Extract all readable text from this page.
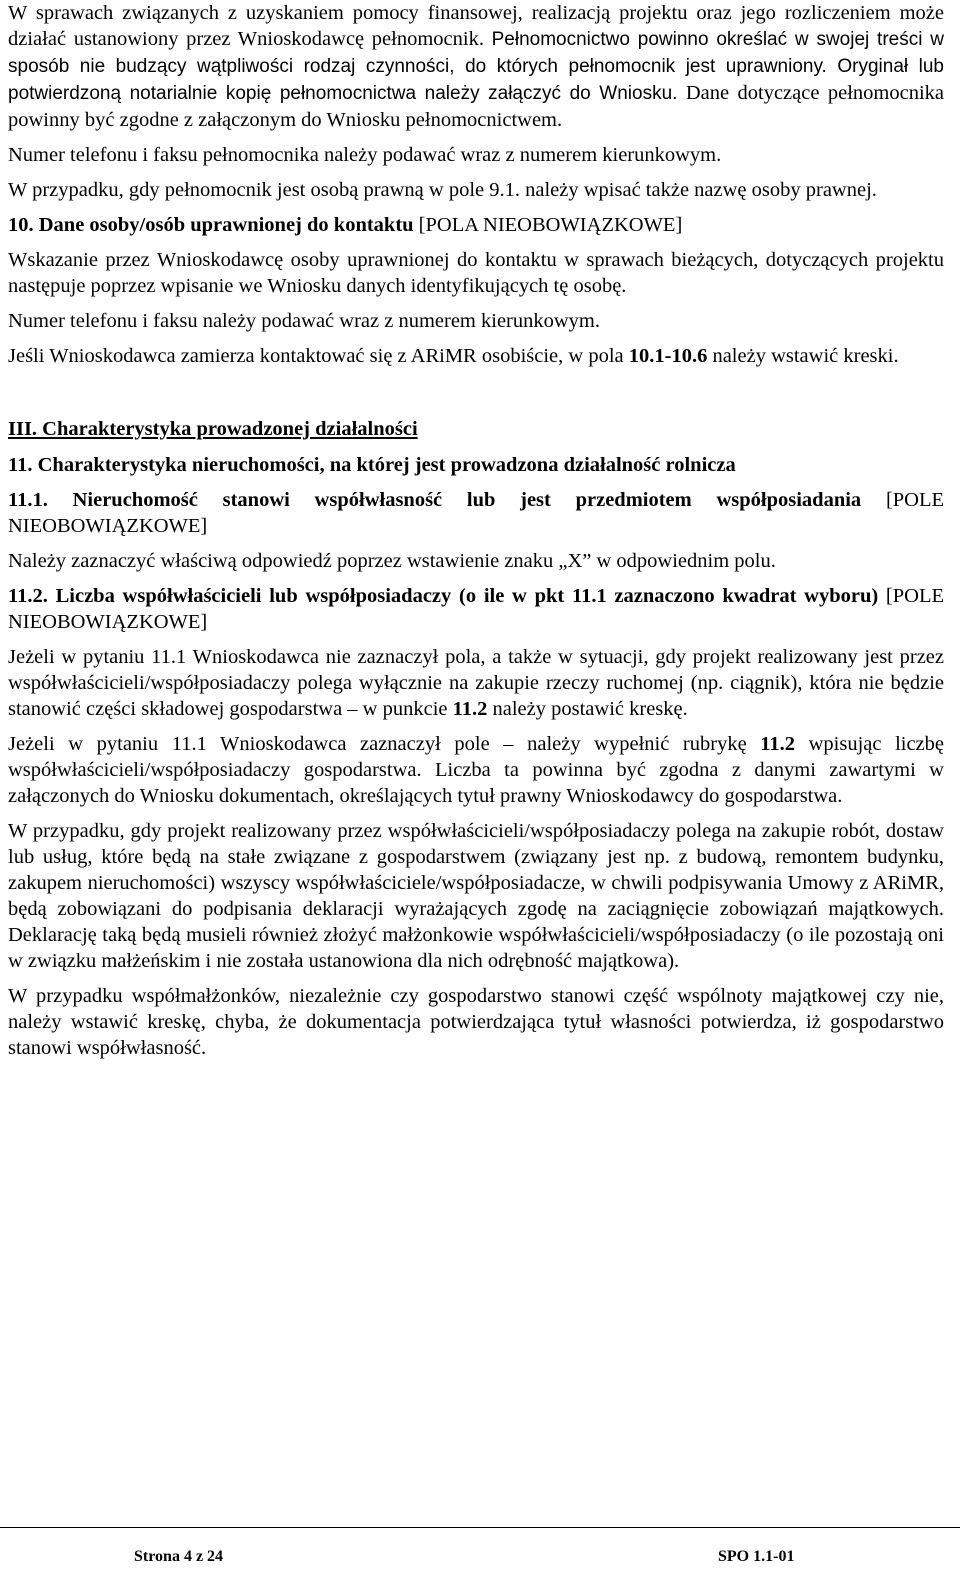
W sprawach związanych z uzyskaniem pomocy finansowej, realizacją projektu oraz jego rozliczeniem może działać ustanowiony przez Wnioskodawcę pełnomocnik. Pełnomocnictwo powinno określać w swojej treści w sposób nie budzący wątpliwości rodzaj czynności, do których pełnomocnik jest uprawniony. Oryginał lub potwierdzoną notarialnie kopię pełnomocnictwa należy załączyć do Wniosku. Dane dotyczące pełnomocnika powinny być zgodne z załączonym do Wniosku pełnomocnictwem.

Numer telefonu i faksu pełnomocnika należy podawać wraz z numerem kierunkowym.

W przypadku, gdy pełnomocnik jest osobą prawną w pole 9.1. należy wpisać także nazwę osoby prawnej.

10. Dane osoby/osób uprawnionej do kontaktu [POLA NIEOBOWIĄZKOWE]

Wskazanie przez Wnioskodawcę osoby uprawnionej do kontaktu w sprawach bieżących, dotyczących projektu następuje poprzez wpisanie we Wniosku danych identyfikujących tę osobę.

Numer telefonu i faksu należy podawać wraz z numerem kierunkowym.

Jeśli Wnioskodawca zamierza kontaktować się z ARiMR osobiście, w pola 10.1-10.6 należy wstawić kreski.

III. Charakterystyka prowadzonej działalności

11. Charakterystyka nieruchomości, na której jest prowadzona działalność rolnicza

11.1. Nieruchomość stanowi współwłasność lub jest przedmiotem współposiadania [POLE NIEOBOWIĄZKOWE]

Należy zaznaczyć właściwą odpowiedź poprzez wstawienie znaku „X” w odpowiednim polu.

11.2. Liczba współwłaścicieli lub współposiadaczy (o ile w pkt 11.1 zaznaczono kwadrat wyboru) [POLE NIEOBOWIĄZKOWE]

Jeżeli w pytaniu 11.1 Wnioskodawca nie zaznaczył pola, a także w sytuacji, gdy projekt realizowany jest przez współwłaścicieli/współposiadaczy polega wyłącznie na zakupie rzeczy ruchomej (np. ciągnik), która nie będzie stanowić części składowej gospodarstwa – w punkcie 11.2 należy postawić kreskę.

Jeżeli w pytaniu 11.1 Wnioskodawca zaznaczył pole – należy wypełnić rubrykę 11.2 wpisując liczbę współwłaścicieli/współposiadaczy gospodarstwa. Liczba ta powinna być zgodna z danymi zawartymi w załączonych do Wniosku dokumentach, określających tytuł prawny Wnioskodawcy do gospodarstwa.

W przypadku, gdy projekt realizowany przez współwłaścicieli/współposiadaczy polega na zakupie robót, dostaw lub usług, które będą na stałe związane z gospodarstwem (związany jest np. z budową, remontem budynku, zakupem nieruchomości) wszyscy współwłaściciele/współposiadacze, w chwili podpisywania Umowy z ARiMR, będą zobowiązani do podpisania deklaracji wyrażających zgodę na zaciągnięcie zobowiązań majątkowych. Deklarację taką będą musieli również złożyć małżonkowie współwłaścicieli/współposiadaczy (o ile pozostają oni w związku małżeńskim i nie została ustanowiona dla nich odrębność majątkowa).

W przypadku współmałżonków, niezależnie czy gospodarstwo stanowi część wspólnoty majątkowej czy nie, należy wstawić kreskę, chyba, że dokumentacja potwierdzająca tytuł własności potwierdza, iż gospodarstwo stanowi współwłasność.

Strona 4 z 24	SPO 1.1-01
